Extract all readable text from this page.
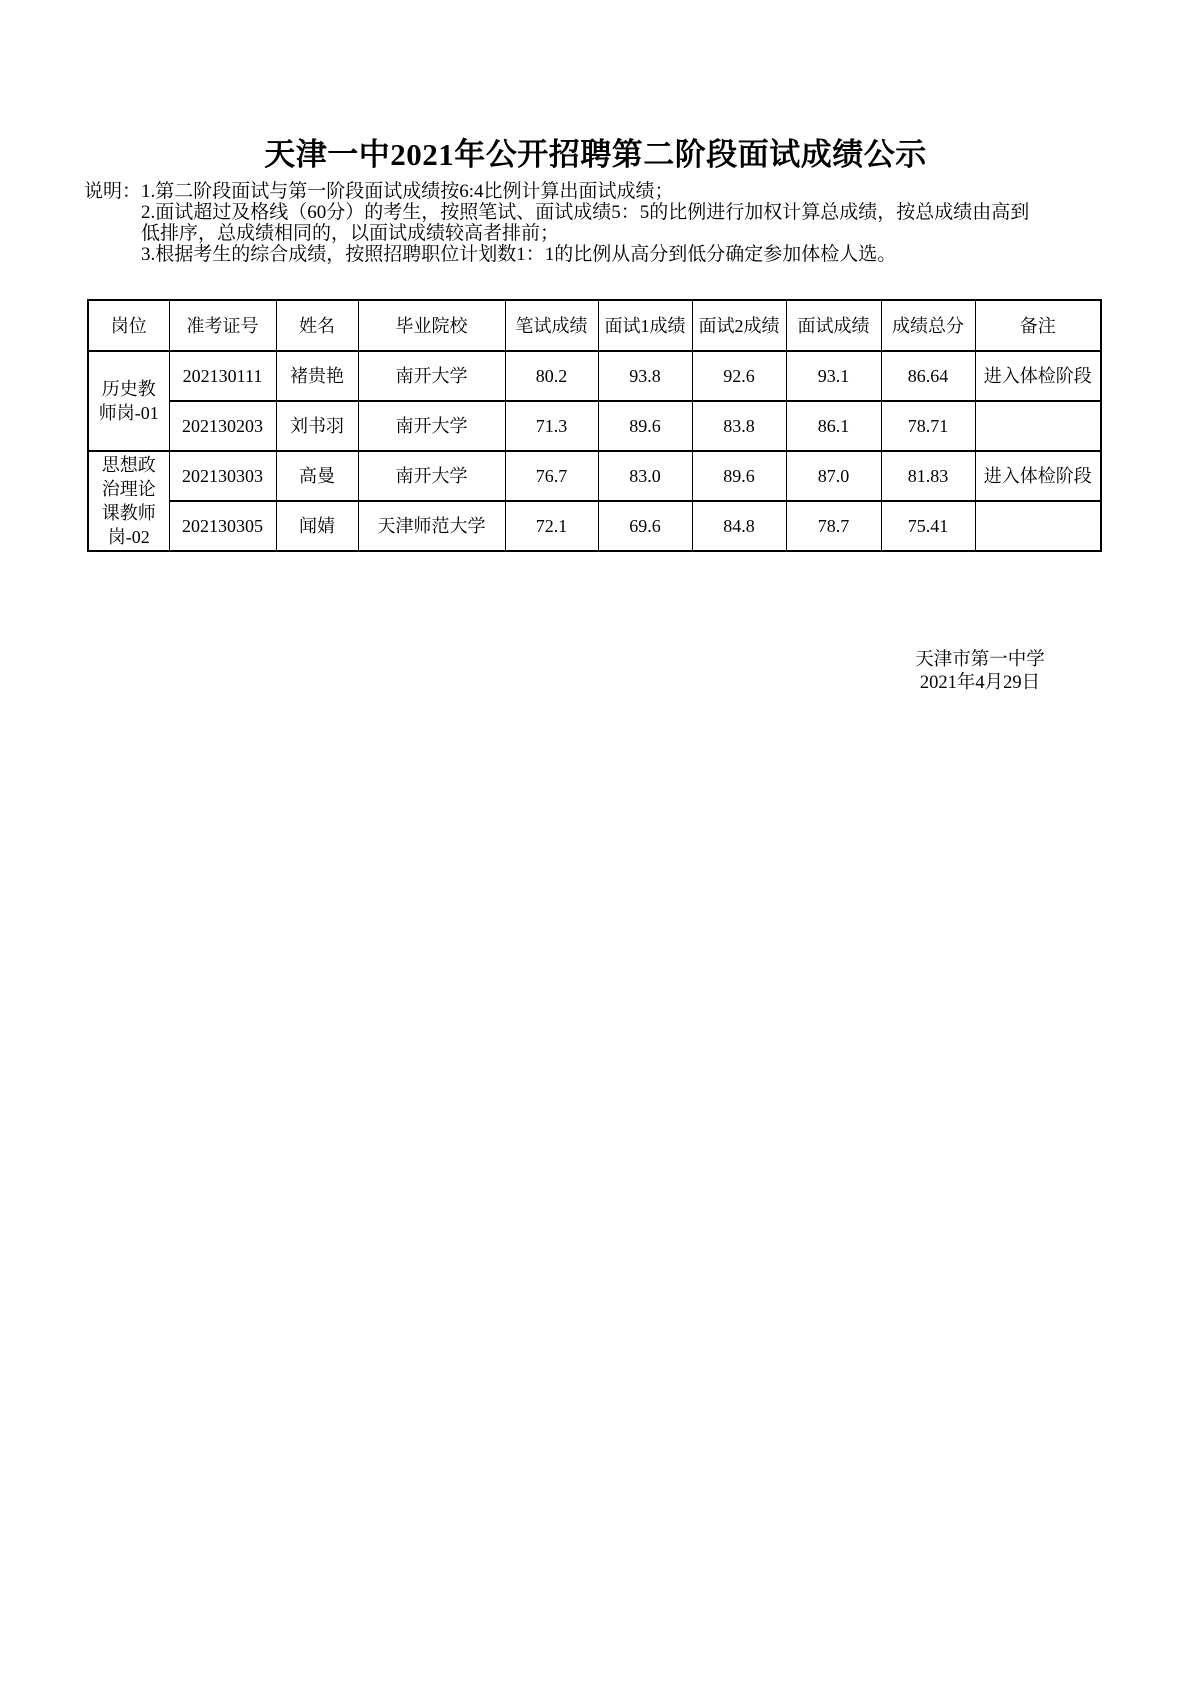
天津一中2021年公开招聘第二阶段面试成绩公示
说明： 1.第二阶段面试与第一阶段面试成绩按6:4比例计算出面试成绩；

2.面试超过及格线（60分）的考生，按照笔试、面试成绩5：5的比例进行加权计算总成绩，按总成绩由高到

低排序，总成绩相同的，以面试成绩较高者排前；

3.根据考生的综合成绩，按照招聘职位计划数1：1的比例从高分到低分确定参加体检人选。

岗位	准考证号	姓名	毕业院校	笔试成绩	面试1成绩	面试2成绩	面试成绩	成绩总分	备注
历史教师岗-01	202130111	褚贵艳	南开大学	80.2	93.8	92.6	93.1	86.64	进入体检阶段
	202130203	刘书羽	南开大学	71.3	89.6	83.8	86.1	78.71	
思想政治理论课教师岗-02	202130303	高曼	南开大学	76.7	83.0	89.6	87.0	81.83	进入体检阶段
	202130305	闻婧	天津师范大学	72.1	69.6	84.8	78.7	75.41	
天津市第一中学
2021年4月29日
